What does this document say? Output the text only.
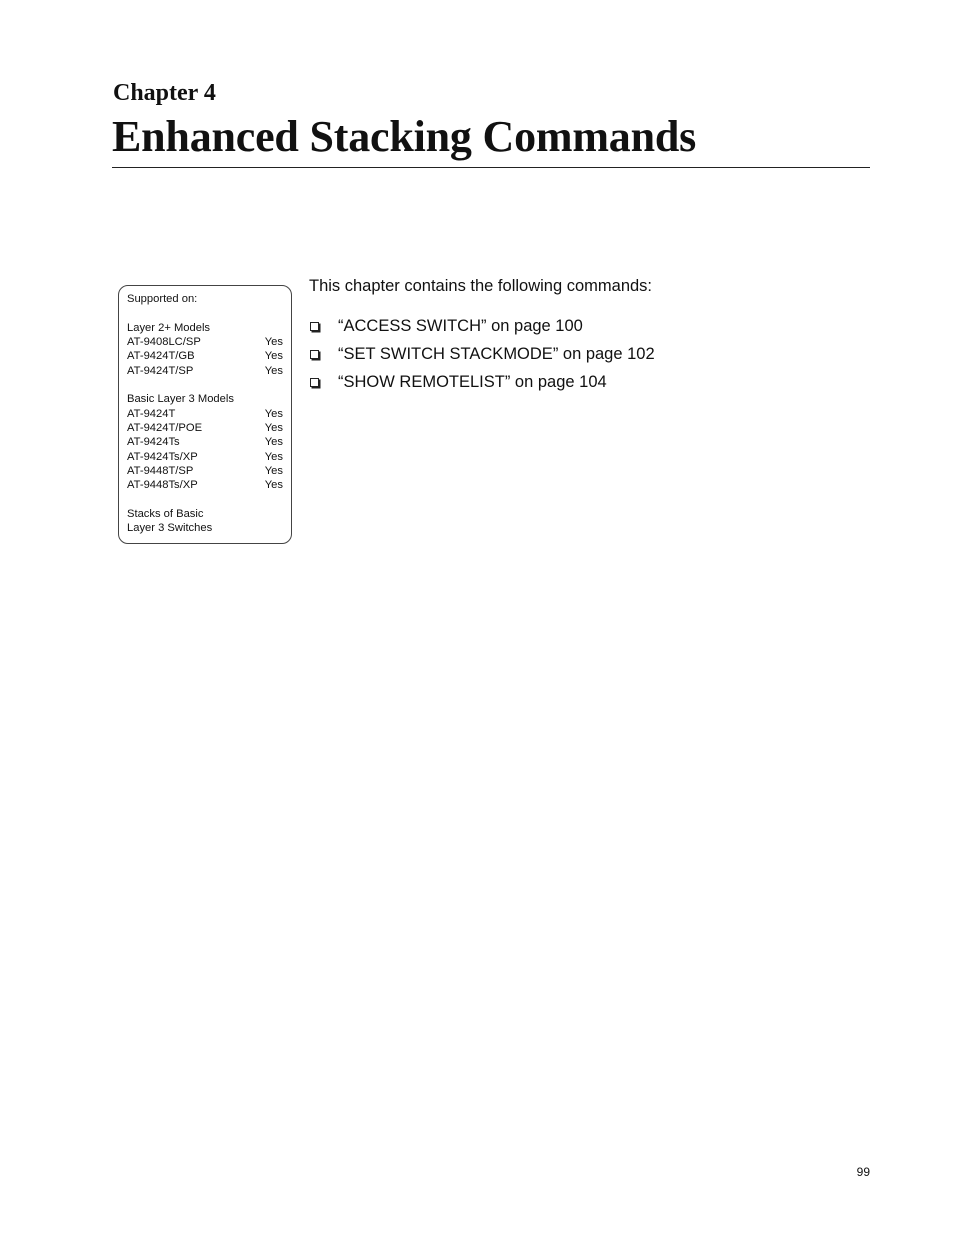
Chapter 4
Enhanced Stacking Commands
Supported on:
Layer 2+ Models
AT-9408LC/SP	Yes
AT-9424T/GB	Yes
AT-9424T/SP	Yes
Basic Layer 3 Models
AT-9424T	Yes
AT-9424T/POE	Yes
AT-9424Ts	Yes
AT-9424Ts/XP	Yes
AT-9448T/SP	Yes
AT-9448Ts/XP	Yes
Stacks of Basic
Layer 3 Switches

This chapter contains the following commands:

“ACCESS SWITCH” on page 100
“SET SWITCH STACKMODE” on page 102
“SHOW REMOTELIST” on page 104
99
